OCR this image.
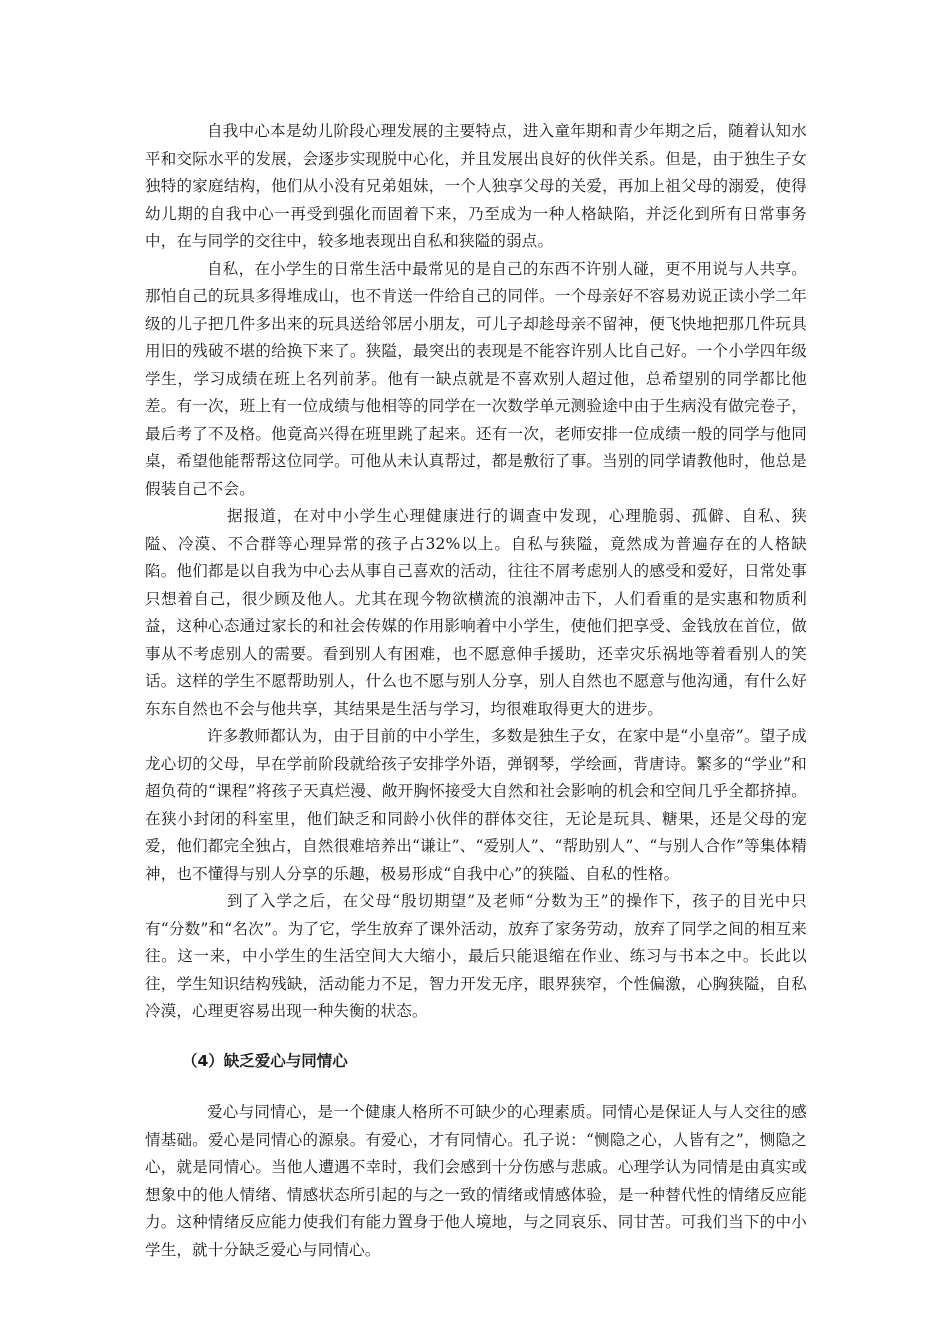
自我中心本是幼儿阶段心理发展的主要特点，进入童年期和青少年期之后，随着认知水平和交际水平的发展，会逐步实现脱中心化，并且发展出良好的伙伴关系。但是，由于独生子女独特的家庭结构，他们从小没有兄弟姐妹，一个人独享父母的关爱，再加上祖父母的溺爱，使得幼儿期的自我中心一再受到强化而固着下来，乃至成为一种人格缺陷，并泛化到所有日常事务中，在与同学的交往中，较多地表现出自私和狭隘的弱点。

自私，在小学生的日常生活中最常见的是自己的东西不许别人碰，更不用说与人共享。那怕自己的玩具多得堆成山，也不肯送一件给自己的同伴。一个母亲好不容易劝说正读小学二年级的儿子把几件多出来的玩具送给邻居小朋友，可儿子却趁母亲不留神，便飞快地把那几件玩具用旧的残破不堪的给换下来了。狭隘，最突出的表现是不能容许别人比自己好。一个小学四年级学生，学习成绩在班上名列前茅。他有一缺点就是不喜欢别人超过他，总希望别的同学都比他差。有一次，班上有一位成绩与他相等的同学在一次数学单元测验途中由于生病没有做完卷子，最后考了不及格。他竟高兴得在班里跳了起来。还有一次，老师安排一位成绩一般的同学与他同桌，希望他能帮帮这位同学。可他从未认真帮过，都是敷衍了事。当别的同学请教他时，他总是假装自己不会。

据报道，在对中小学生心理健康进行的调查中发现，心理脆弱、孤僻、自私、狭隘、冷漠、不合群等心理异常的孩子占32%以上。自私与狭隘，竟然成为普遍存在的人格缺陷。他们都是以自我为中心去从事自己喜欢的活动，往往不屑考虑别人的感受和爱好，日常处事只想着自己，很少顾及他人。尤其在现今物欲横流的浪潮冲击下，人们看重的是实惠和物质利益，这种心态通过家长的和社会传媒的作用影响着中小学生，使他们把享受、金钱放在首位，做事从不考虑别人的需要。看到别人有困难，也不愿意伸手援助，还幸灾乐祸地等着看别人的笑话。这样的学生不愿帮助别人，什么也不愿与别人分享，别人自然也不愿意与他沟通，有什么好东东自然也不会与他共享，其结果是生活与学习，均很难取得更大的进步。

许多教师都认为，由于目前的中小学生，多数是独生子女，在家中是“小皇帝”。望子成龙心切的父母，早在学前阶段就给孩子安排学外语，弹钢琴，学绘画，背唐诗。繁多的“学业”和超负荷的“课程”将孩子天真烂漫、敞开胸怀接受大自然和社会影响的机会和空间几乎全都挤掉。在狭小封闭的科室里，他们缺乏和同龄小伙伴的群体交往，无论是玩具、糖果，还是父母的宠爱，他们都完全独占，自然很难培养出“谦让”、“爱别人”、“帮助别人”、“与别人合作”等集体精神，也不懂得与别人分享的乐趣，极易形成“自我中心”的狭隘、自私的性格。

到了入学之后，在父母“殷切期望”及老师“分数为王”的操作下，孩子的目光中只有“分数”和“名次”。为了它，学生放弃了课外活动，放弃了家务劳动，放弃了同学之间的相互来往。这一来，中小学生的生活空间大大缩小，最后只能退缩在作业、练习与书本之中。长此以往，学生知识结构残缺，活动能力不足，智力开发无序，眼界狭窄，个性偏激，心胸狭隘，自私冷漠，心理更容易出现一种失衡的状态。

（4）缺乏爱心与同情心

爱心与同情心，是一个健康人格所不可缺少的心理素质。同情心是保证人与人交往的感情基础。爱心是同情心的源泉。有爱心，才有同情心。孔子说：“恻隐之心，人皆有之”，恻隐之心，就是同情心。当他人遭遇不幸时，我们会感到十分伤感与悲戚。心理学认为同情是由真实或想象中的他人情绪、情感状态所引起的与之一致的情绪或情感体验，是一种替代性的情绪反应能力。这种情绪反应能力使我们有能力置身于他人境地，与之同哀乐、同甘苦。可我们当下的中小学生，就十分缺乏爱心与同情心。
